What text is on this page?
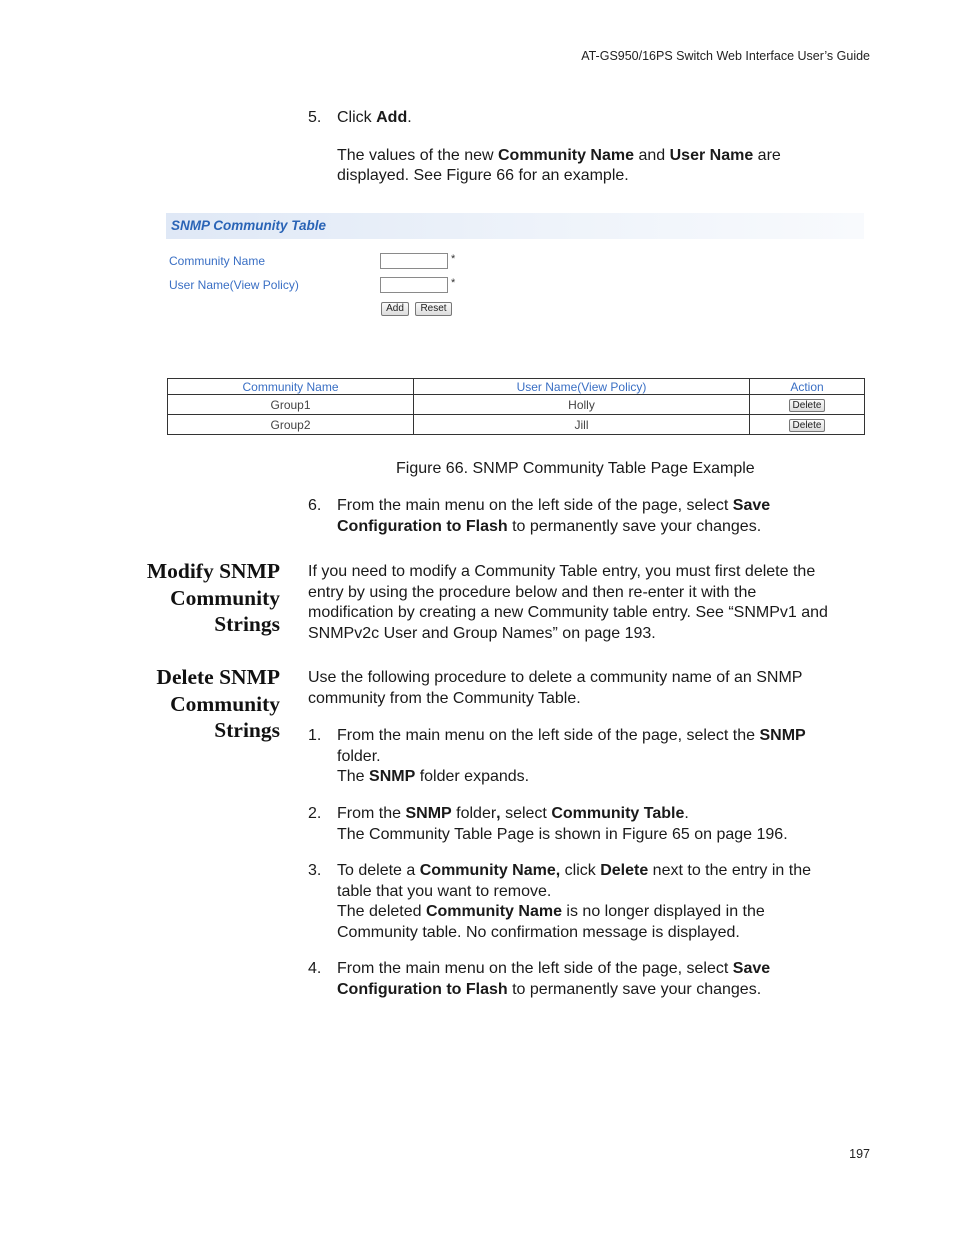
AT-GS950/16PS Switch Web Interface User’s Guide
5. Click Add.
The values of the new Community Name and User Name are
displayed. See Figure 66 for an example.
SNMP Community Table
Community Name	*
User Name(View Policy)	*
Add	Reset
Community Name	User Name(View Policy)	Action
Group1	Holly	Delete
Group2	Jill	Delete
Figure 66. SNMP Community Table Page Example
6. From the main menu on the left side of the page, select Save
Configuration to Flash to permanently save your changes.
Modify SNMP
Community
Strings
If you need to modify a Community Table entry, you must first delete the
entry by using the procedure below and then re-enter it with the
modification by creating a new Community table entry. See “SNMPv1 and
SNMPv2c User and Group Names” on page 193.
Delete SNMP
Community
Strings
Use the following procedure to delete a community name of an SNMP
community from the Community Table.
1. From the main menu on the left side of the page, select the SNMP
folder.
The SNMP folder expands.
2. From the SNMP folder, select Community Table.
The Community Table Page is shown in Figure 65 on page 196.
3. To delete a Community Name, click Delete next to the entry in the
table that you want to remove.
The deleted Community Name is no longer displayed in the
Community table. No confirmation message is displayed.
4. From the main menu on the left side of the page, select Save
Configuration to Flash to permanently save your changes.
197
